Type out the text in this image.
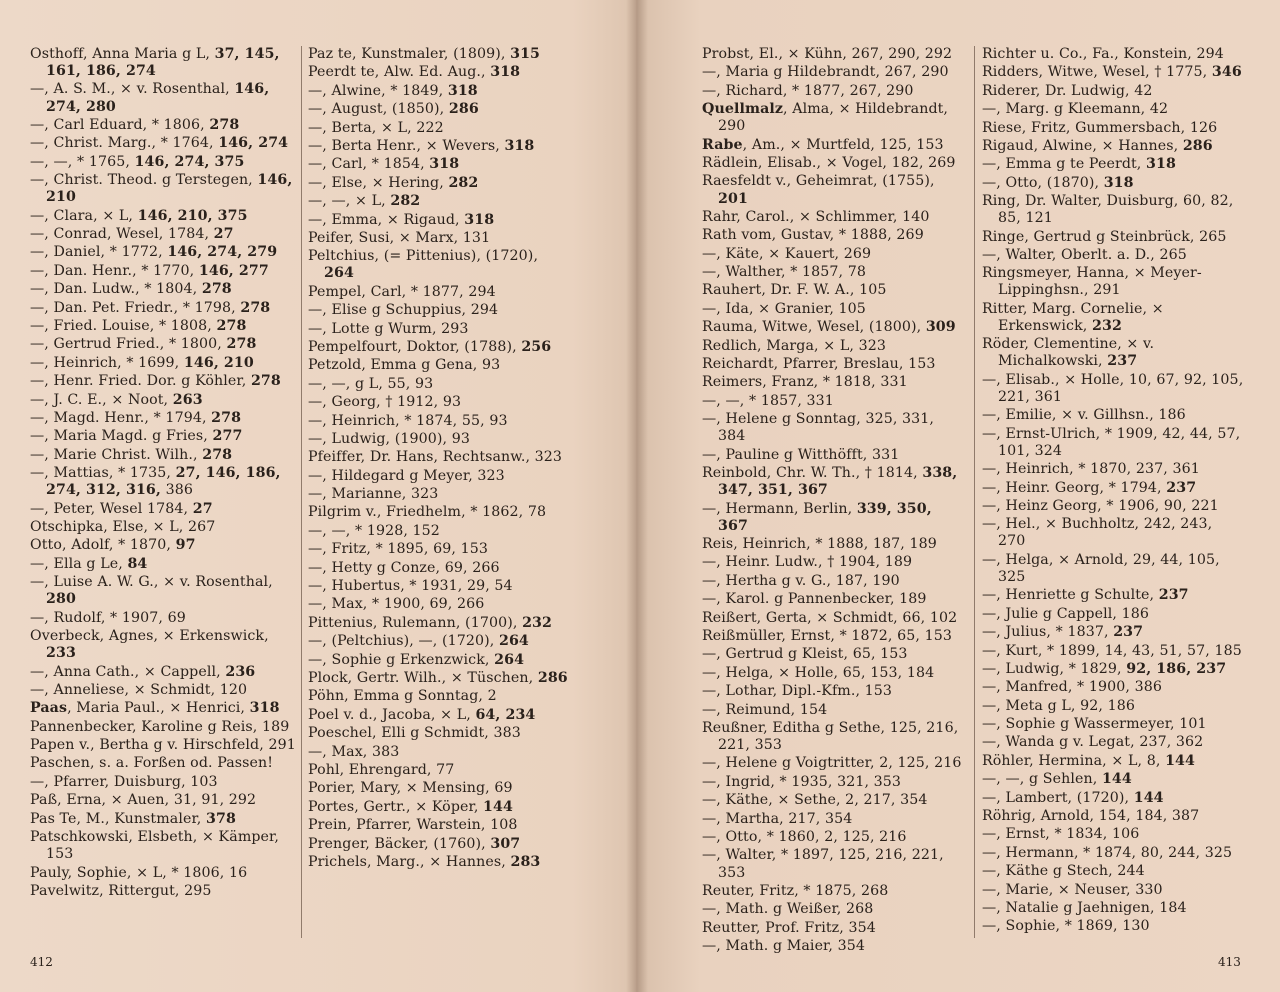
Osthoff, Anna Maria g L, 37, 145, 161, 186, 274
—, A. S. M., × v. Rosenthal, 146, 274, 280
—, Carl Eduard, * 1806, 278
—, Christ. Marg., * 1764, 146, 274
—, —, * 1765, 146, 274, 375
—, Christ. Theod. g Terstegen, 146, 210
—, Clara, × L, 146, 210, 375
—, Conrad, Wesel, 1784, 27
—, Daniel, * 1772, 146, 274, 279
—, Dan. Henr., * 1770, 146, 277
—, Dan. Ludw., * 1804, 278
—, Dan. Pet. Friedr., * 1798, 278
—, Fried. Louise, * 1808, 278
—, Gertrud Fried., * 1800, 278
—, Heinrich, * 1699, 146, 210
—, Henr. Fried. Dor. g Köhler, 278
—, J. C. E., × Noot, 263
—, Magd. Henr., * 1794, 278
—, Maria Magd. g Fries, 277
—, Marie Christ. Wilh., 278
—, Mattias, * 1735, 27, 146, 186, 274, 312, 316, 386
—, Peter, Wesel 1784, 27
Otschipka, Else, × L, 267
Otto, Adolf, * 1870, 97
—, Ella g Le, 84
—, Luise A. W. G., × v. Rosenthal, 280
—, Rudolf, * 1907, 69
Overbeck, Agnes, × Erkenswick, 233
—, Anna Cath., × Cappell, 236
—, Anneliese, × Schmidt, 120
Paas, Maria Paul., × Henrici, 318
Pannenbecker, Karoline g Reis, 189
Papen v., Bertha g v. Hirschfeld, 291
Paschen, s. a. Forßen od. Passen!
—, Pfarrer, Duisburg, 103
Paß, Erna, × Auen, 31, 91, 292
Pas Te, M., Kunstmaler, 378
Patschkowski, Elsbeth, × Kämper, 153
Pauly, Sophie, × L, * 1806, 16
Pavelwitz, Rittergut, 295
Paz te, Kunstmaler, (1809), 315
Peerdt te, Alw. Ed. Aug., 318
—, Alwine, * 1849, 318
—, August, (1850), 286
—, Berta, × L, 222
—, Berta Henr., × Wevers, 318
—, Carl, * 1854, 318
—, Else, × Hering, 282
—, —, × L, 282
—, Emma, × Rigaud, 318
Peifer, Susi, × Marx, 131
Peltchius, (= Pittenius), (1720), 264
Pempel, Carl, * 1877, 294
—, Elise g Schuppius, 294
—, Lotte g Wurm, 293
Pempelfourt, Doktor, (1788), 256
Petzold, Emma g Gena, 93
—, —, g L, 55, 93
—, Georg, † 1912, 93
—, Heinrich, * 1874, 55, 93
—, Ludwig, (1900), 93
Pfeiffer, Dr. Hans, Rechtsanw., 323
—, Hildegard g Meyer, 323
—, Marianne, 323
Pilgrim v., Friedhelm, * 1862, 78
—, —, * 1928, 152
—, Fritz, * 1895, 69, 153
—, Hetty g Conze, 69, 266
—, Hubertus, * 1931, 29, 54
—, Max, * 1900, 69, 266
Pittenius, Rulemann, (1700), 232
—, (Peltchius), —, (1720), 264
—, Sophie g Erkenzwick, 264
Plock, Gertr. Wilh., × Tüschen, 286
Pöhn, Emma g Sonntag, 2
Poel v. d., Jacoba, × L, 64, 234
Poeschel, Elli g Schmidt, 383
—, Max, 383
Pohl, Ehrengard, 77
Porier, Mary, × Mensing, 69
Portes, Gertr., × Köper, 144
Prein, Pfarrer, Warstein, 108
Prenger, Bäcker, (1760), 307
Prichels, Marg., × Hannes, 283
Probst, El., × Kühn, 267, 290, 292
—, Maria g Hildebrandt, 267, 290
—, Richard, * 1877, 267, 290
Quellmalz, Alma, × Hildebrandt, 290
Rabe, Am., × Murtfeld, 125, 153
Rädlein, Elisab., × Vogel, 182, 269
Raesfeldt v., Geheimrat, (1755), 201
Rahr, Carol., × Schlimmer, 140
Rath vom, Gustav, * 1888, 269
—, Käte, × Kauert, 269
—, Walther, * 1857, 78
Rauhert, Dr. F. W. A., 105
—, Ida, × Granier, 105
Rauma, Witwe, Wesel, (1800), 309
Redlich, Marga, × L, 323
Reichardt, Pfarrer, Breslau, 153
Reimers, Franz, * 1818, 331
—, —, * 1857, 331
—, Helene g Sonntag, 325, 331, 384
—, Pauline g Witthöfft, 331
Reinbold, Chr. W. Th., † 1814, 338, 347, 351, 367
—, Hermann, Berlin, 339, 350, 367
Reis, Heinrich, * 1888, 187, 189
—, Heinr. Ludw., † 1904, 189
—, Hertha g v. G., 187, 190
—, Karol. g Pannenbecker, 189
Reißert, Gerta, × Schmidt, 66, 102
Reißmüller, Ernst, * 1872, 65, 153
—, Gertrud g Kleist, 65, 153
—, Helga, × Holle, 65, 153, 184
—, Lothar, Dipl.-Kfm., 153
—, Reimund, 154
Reußner, Editha g Sethe, 125, 216, 221, 353
—, Helene g Voigtritter, 2, 125, 216
—, Ingrid, * 1935, 321, 353
—, Käthe, × Sethe, 2, 217, 354
—, Martha, 217, 354
—, Otto, * 1860, 2, 125, 216
—, Walter, * 1897, 125, 216, 221, 353
Reuter, Fritz, * 1875, 268
—, Math. g Weißer, 268
Reutter, Prof. Fritz, 354
—, Math. g Maier, 354
Richter u. Co., Fa., Konstein, 294
Ridders, Witwe, Wesel, † 1775, 346
Riderer, Dr. Ludwig, 42
—, Marg. g Kleemann, 42
Riese, Fritz, Gummersbach, 126
Rigaud, Alwine, × Hannes, 286
—, Emma g te Peerdt, 318
—, Otto, (1870), 318
Ring, Dr. Walter, Duisburg, 60, 82, 85, 121
Ringe, Gertrud g Steinbrück, 265
—, Walter, Oberlt. a. D., 265
Ringsmeyer, Hanna, × Meyer-Lippinghsn., 291
Ritter, Marg. Cornelie, × Erkenswick, 232
Röder, Clementine, × v. Michalkowski, 237
—, Elisab., × Holle, 10, 67, 92, 105, 221, 361
—, Emilie, × v. Gillhsn., 186
—, Ernst-Ulrich, * 1909, 42, 44, 57, 101, 324
—, Heinrich, * 1870, 237, 361
—, Heinr. Georg, * 1794, 237
—, Heinz Georg, * 1906, 90, 221
—, Hel., × Buchholtz, 242, 243, 270
—, Helga, × Arnold, 29, 44, 105, 325
—, Henriette g Schulte, 237
—, Julie g Cappell, 186
—, Julius, * 1837, 237
—, Kurt, * 1899, 14, 43, 51, 57, 185
—, Ludwig, * 1829, 92, 186, 237
—, Manfred, * 1900, 386
—, Meta g L, 92, 186
—, Sophie g Wassermeyer, 101
—, Wanda g v. Legat, 237, 362
Röhler, Hermina, × L, 8, 144
—, —, g Sehlen, 144
—, Lambert, (1720), 144
Röhrig, Arnold, 154, 184, 387
—, Ernst, * 1834, 106
—, Hermann, * 1874, 80, 244, 325
—, Käthe g Stech, 244
—, Marie, × Neuser, 330
—, Natalie g Jaehnigen, 184
—, Sophie, * 1869, 130
412	413
